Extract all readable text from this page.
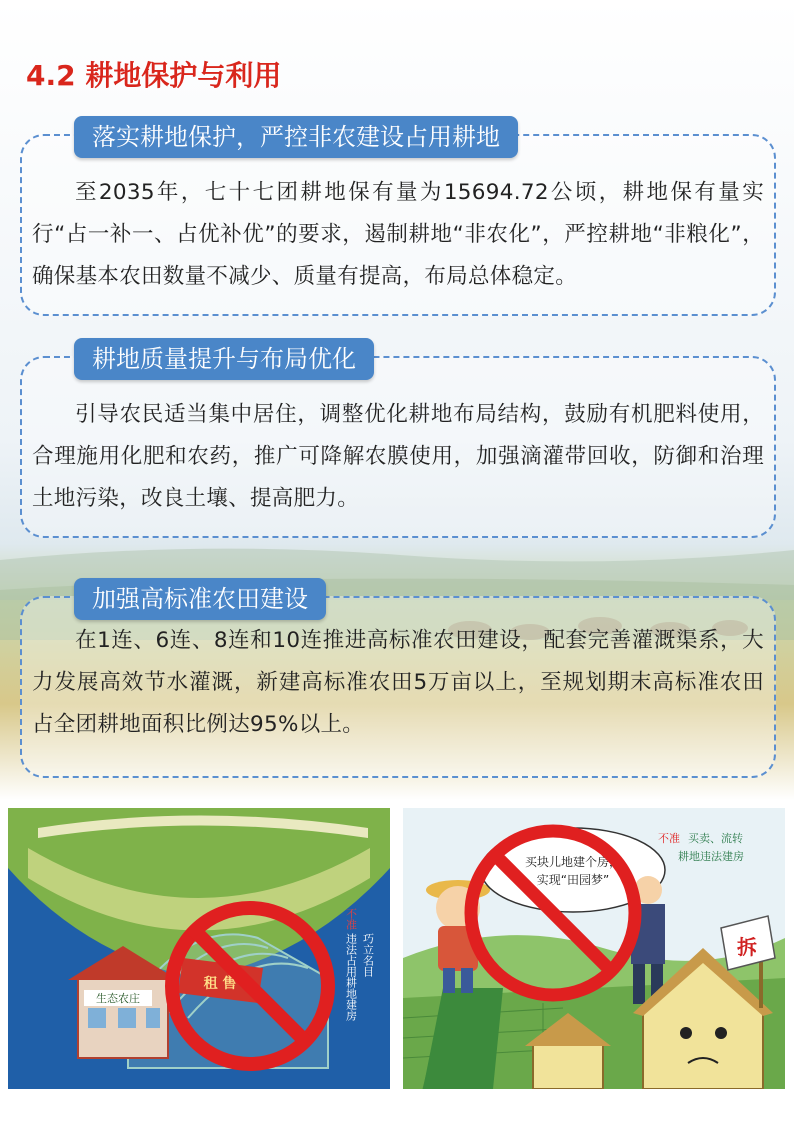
4.2 耕地保护与利用
落实耕地保护，严控非农建设占用耕地

至2035年，七十七团耕地保有量为15694.72公顷，耕地保有量实行“占一补一、占优补优”的要求，遏制耕地“非农化”，严控耕地“非粮化”，确保基本农田数量不减少、质量有提高，布局总体稳定。

耕地质量提升与布局优化

引导农民适当集中居住，调整优化耕地布局结构，鼓励有机肥料使用，合理施用化肥和农药，推广可降解农膜使用，加强滴灌带回收，防御和治理土地污染，改良土壤、提高肥力。

加强高标准农田建设

在1连、6连、8连和10连推进高标准农田建设，配套完善灌溉渠系，大力发展高效节水灌溉，新建高标准农田5万亩以上，至规划期末高标准农田占全团耕地面积比例达95%以上。

生态农庄
租 售
不准
巧立名目
违法占用耕地建房
买块儿地建个房，
实现“田园梦”
不准 买卖、流转
耕地违法建房
拆
